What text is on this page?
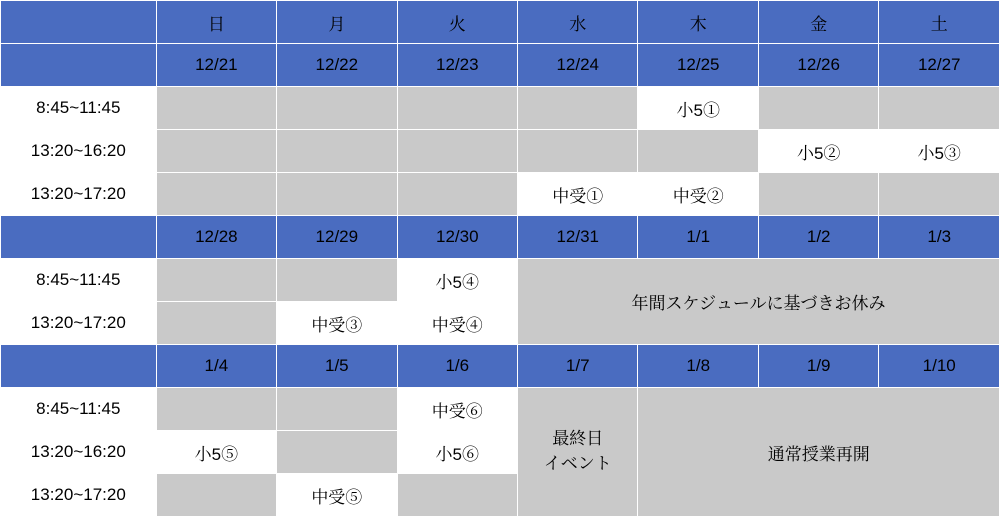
	日	月	火	水	木	金	土
	12/21	12/22	12/23	12/24	12/25	12/26	12/27
8:45~11:45					小5①		
13:20~16:20						小5②	小5③
13:20~17:20				中受①	中受②		
	12/28	12/29	12/30	12/31	1/1	1/2	1/3
8:45~11:45			小5④	年間スケジュールに基づきお休み			
13:20~17:20		中受③	中受④				
	1/4	1/5	1/6	1/7	1/8	1/9	1/10
8:45~11:45			中受⑥	最終日
イベント	通常授業再開		
13:20~16:20	小5⑤		小5⑥				
13:20~17:20		中受⑤					
